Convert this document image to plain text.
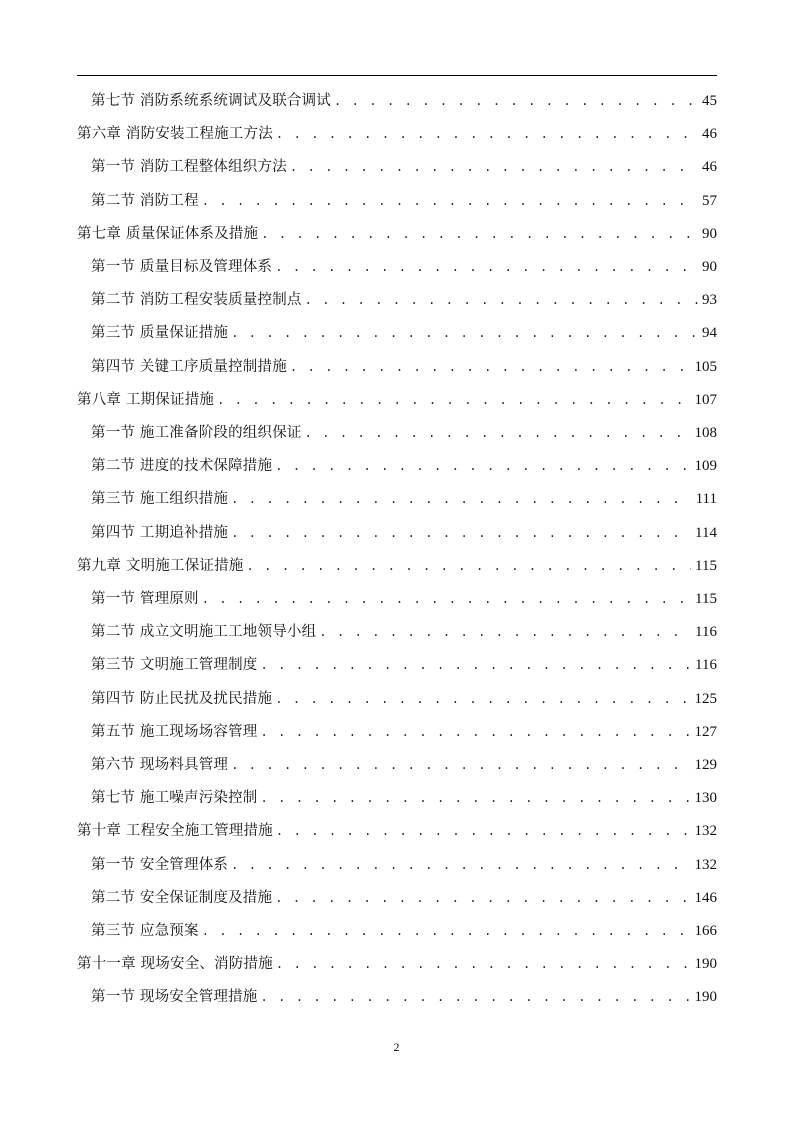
第七节 消防系统系统调试及联合调试 . . .	45
第六章 消防安装工程施工方法 . . .	46
第一节 消防工程整体组织方法 . . .	46
第二节 消防工程 . . .	57
第七章 质量保证体系及措施 . . .	90
第一节 质量目标及管理体系 . . .	90
第二节 消防工程安装质量控制点 . . .	93
第三节 质量保证措施 . . .	94
第四节 关键工序质量控制措施 . . .	105
第八章 工期保证措施 . . .	107
第一节 施工准备阶段的组织保证 . . .	108
第二节 进度的技术保障措施 . . .	109
第三节 施工组织措施 . . .	111
第四节 工期追补措施 . . .	114
第九章 文明施工保证措施 . . .	115
第一节 管理原则 . . .	115
第二节 成立文明施工工地领导小组 . . .	116
第三节 文明施工管理制度 . . .	116
第四节 防止民扰及扰民措施 . . .	125
第五节 施工现场场容管理 . . .	127
第六节 现场料具管理 . . .	129
第七节 施工噪声污染控制 . . .	130
第十章 工程安全施工管理措施 . . .	132
第一节 安全管理体系 . . .	132
第二节 安全保证制度及措施 . . .	146
第三节 应急预案 . . .	166
第十一章 现场安全、消防措施 . . .	190
第一节 现场安全管理措施 . . .	190
2
